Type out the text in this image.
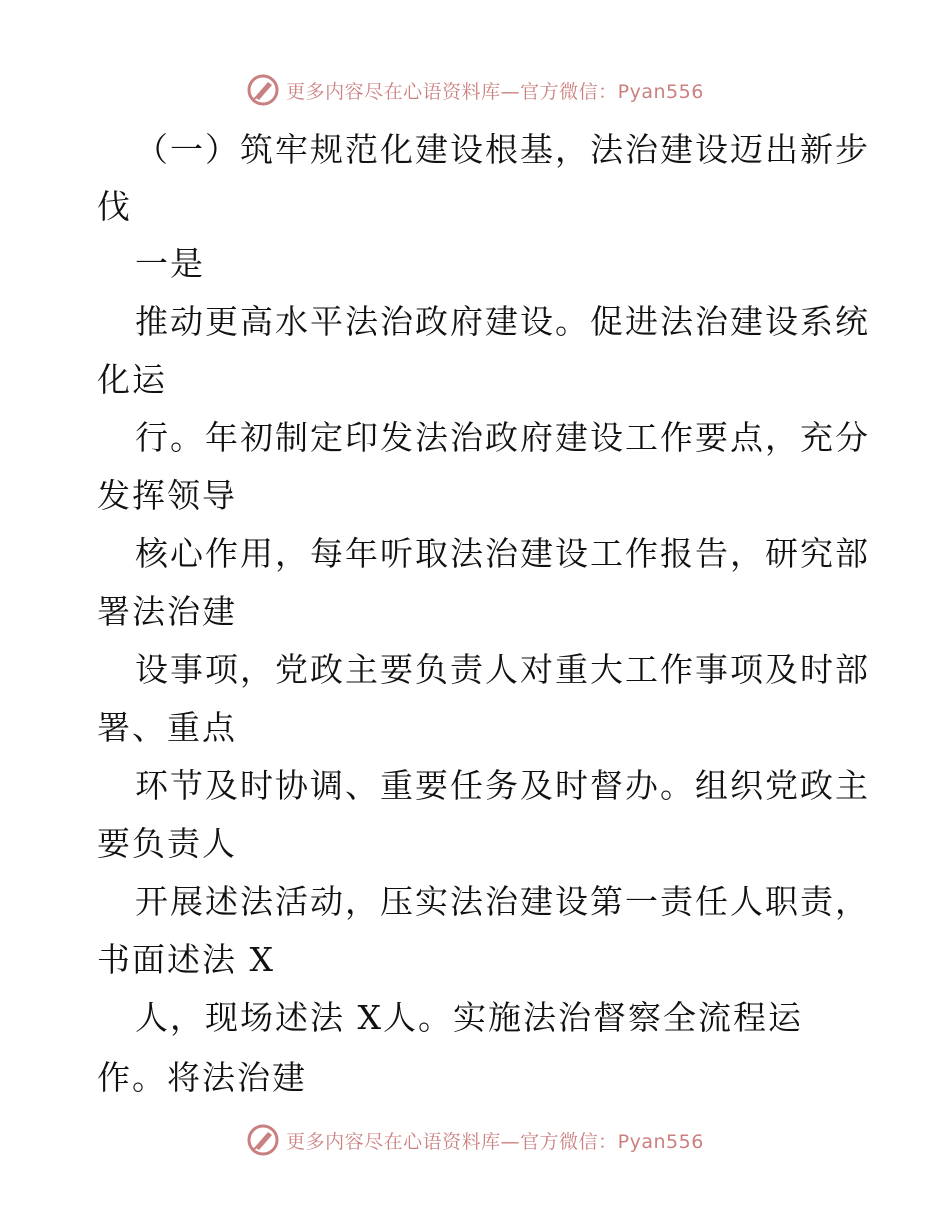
更多内容尽在心语资料库—官方微信：Pyan556
（一）筑牢规范化建设根基，法治建设迈出新步
伐
一是
推动更高水平法治政府建设。促进法治建设系统
化运
行。年初制定印发法治政府建设工作要点，充分
发挥领导
核心作用，每年听取法治建设工作报告，研究部
署法治建
设事项，党政主要负责人对重大工作事项及时部
署、重点
环节及时协调、重要任务及时督办。组织党政主
要负责人
开展述法活动，压实法治建设第一责任人职责，
书面述法 X
人，现场述法 X人。实施法治督察全流程运
作。将法治建
更多内容尽在心语资料库—官方微信：Pyan556
